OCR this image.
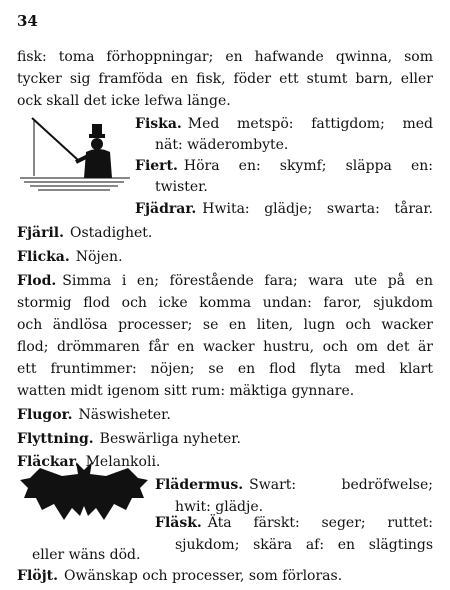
34
fisk: toma förhoppningar; en hafwande qwinna, som
tycker sig framföda en fisk, föder ett stumt barn, eller
ock skall det icke lefwa länge.
Fiska. Med metspö: fattigdom; med
nät: wäderombyte.
Fiert. Höra en: skymf; släppa en:
twister.
Fjädrar. Hwita: glädje; swarta: tårar.
Fjäril. Ostadighet.
Flicka. Nöjen.
Flod. Simma i en; förestående fara; wara ute på en
stormig flod och icke komma undan: faror, sjukdom
och ändlösa processer; se en liten, lugn och wacker
flod; drömmaren får en wacker hustru, och om det är
ett fruntimmer: nöjen; se en flod flyta med klart
watten midt igenom sitt rum: mäktiga gynnare.
Flugor. Näswisheter.
Flyttning. Beswärliga nyheter.
Fläckar. Melankoli.
Flädermus. Swart: bedröfwelse;
hwit: glädje.
Fläsk. Äta färskt: seger; ruttet:
sjukdom; skära af: en slägtings
eller wäns död.
Flöjt. Owänskap och processer, som förloras.
